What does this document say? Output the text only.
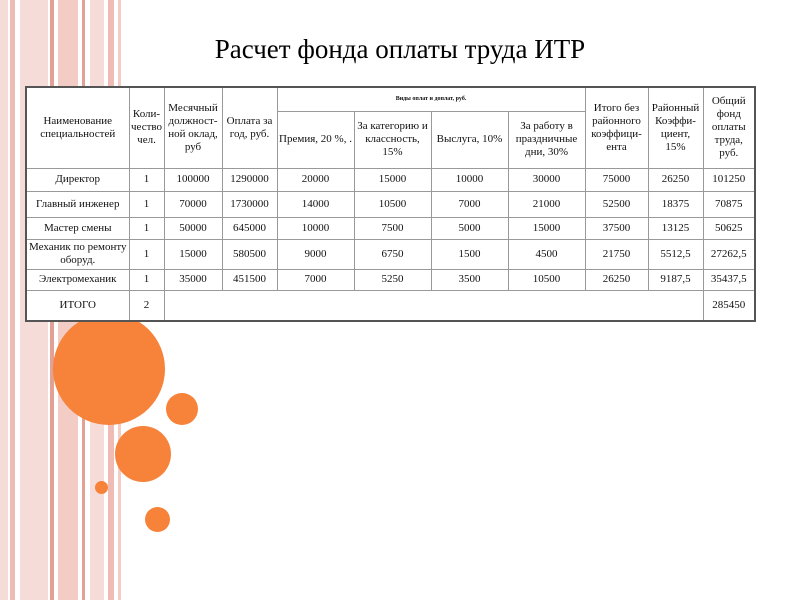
Расчет фонда оплаты труда ИТР
Наименование специальностей	Коли-чество чел.	Месячный должност-ной оклад, руб	Оплата за год, руб.	Виды оплат и доплат, руб.				Итого без районного коэффици-ента	Районный Коэффи-циент, 15%	Общий фонд оплаты труда, руб.
				Премия, 20 %, .	За категорию и классность, 15%	Выслуга, 10%	За работу в праздничные дни, 30%			
Директор	1	100000	1290000	20000	15000	10000	30000	75000	26250	101250
Главный инженер	1	70000	1730000	14000	10500	7000	21000	52500	18375	70875
Мастер смены	1	50000	645000	10000	7500	5000	15000	37500	13125	50625
Механик по ремонту оборуд.	1	15000	580500	9000	6750	1500	4500	21750	5512,5	27262,5
Электромеханик	1	35000	451500	7000	5250	3500	10500	26250	9187,5	35437,5
ИТОГО	2									285450
